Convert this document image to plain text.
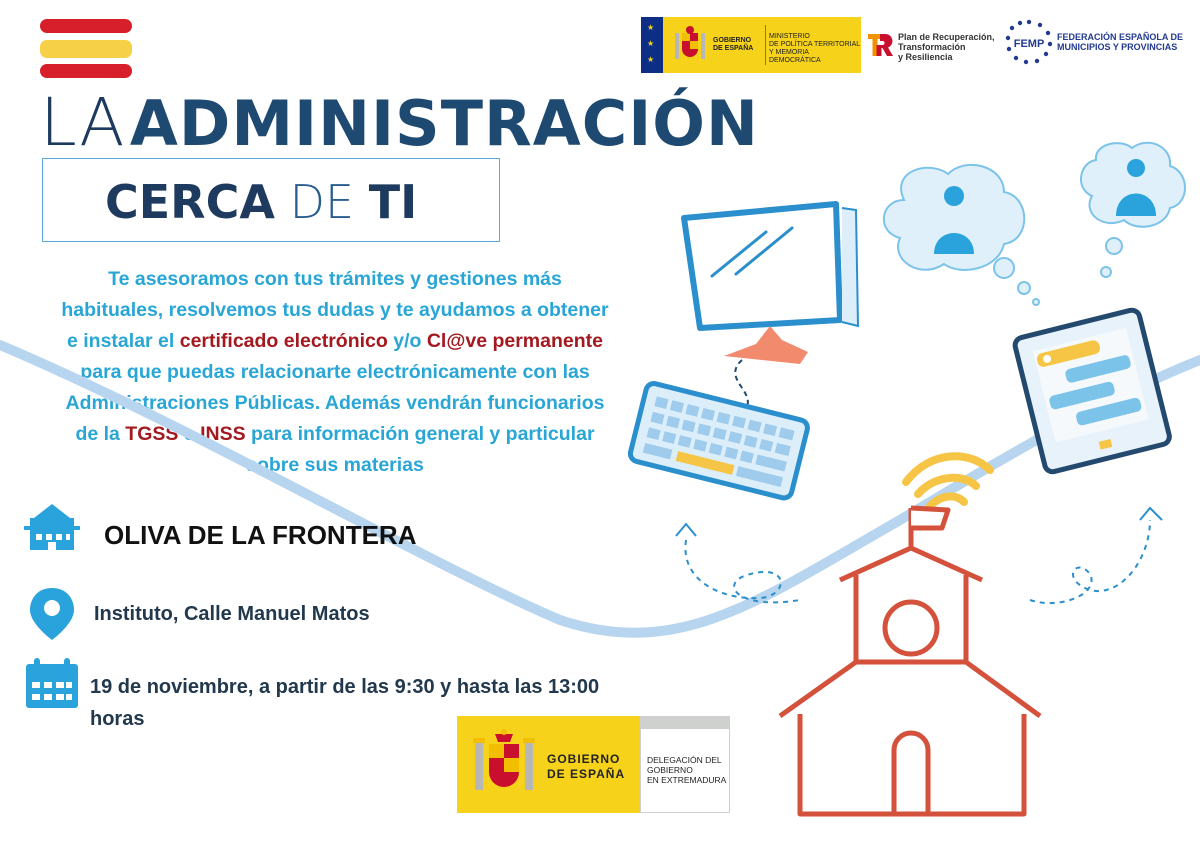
LA ADMINISTRACIÓN
CERCA DE TI
★
★
★
GOBIERNO
DE ESPAÑA
MINISTERIO
DE POLÍTICA TERRITORIAL
Y MEMORIA DEMOCRÁTICA
Plan de Recuperación,
Transformación
y Resiliencia
FEMP
FEDERACIÓN ESPAÑOLA DE
MUNICIPIOS Y PROVINCIAS
Te asesoramos con tus trámites y gestiones más habituales, resolvemos tus dudas y te ayudamos a obtener e instalar el certificado electrónico y/o Cl@ve permanente para que puedas relacionarte electrónicamente con las Administraciones Públicas. Además vendrán funcionarios de la TGSS e INSS para información general y particular sobre sus materias
OLIVA DE LA FRONTERA
Instituto, Calle Manuel Matos
19 de noviembre, a partir de las 9:30 y hasta las 13:00 horas
GOBIERNO
DE ESPAÑA
DELEGACIÓN DEL
GOBIERNO
EN EXTREMADURA
